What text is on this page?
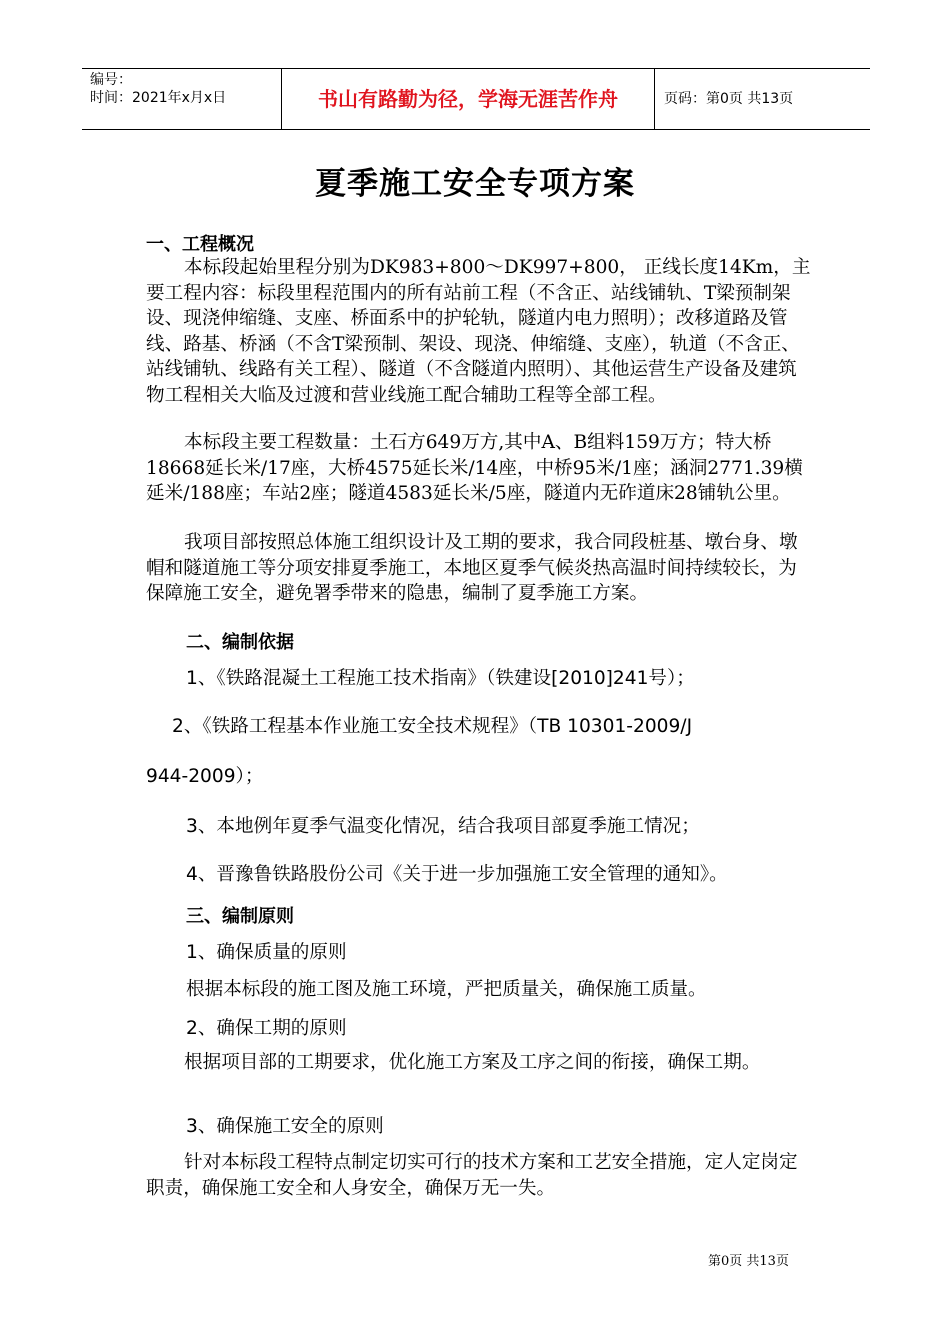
编号：
时间：2021年x月x日	书山有路勤为径，学海无涯苦作舟	页码：第0页 共13页
夏季施工安全专项方案
一、工程概况
本标段起始里程分别为DK983+800～DK997+800， 正线长度14Km，主要工程内容：标段里程范围内的所有站前工程（不含正、站线铺轨、T梁预制架设、现浇伸缩缝、支座、桥面系中的护轮轨，隧道内电力照明）；改移道路及管线、路基、桥涵（不含T梁预制、架设、现浇、伸缩缝、支座），轨道（不含正、站线铺轨、线路有关工程）、隧道（不含隧道内照明）、其他运营生产设备及建筑物工程相关大临及过渡和营业线施工配合辅助工程等全部工程。
本标段主要工程数量：土石方649万方,其中A、B组料159万方；特大桥18668延长米/17座，大桥4575延长米/14座，中桥95米/1座；涵洞2771.39横延米/188座；车站2座；隧道4583延长米/5座，隧道内无砟道床28铺轨公里。
我项目部按照总体施工组织设计及工期的要求，我合同段桩基、墩台身、墩帽和隧道施工等分项安排夏季施工，本地区夏季气候炎热高温时间持续较长，为保障施工安全，避免署季带来的隐患，编制了夏季施工方案。
二、编制依据
1、《铁路混凝土工程施工技术指南》（铁建设[2010]241号）；
2、《铁路工程基本作业施工安全技术规程》（TB 10301-2009/J
944-2009）；
3、本地例年夏季气温变化情况，结合我项目部夏季施工情况；
4、晋豫鲁铁路股份公司《关于进一步加强施工安全管理的通知》。
三、编制原则
1、确保质量的原则
根据本标段的施工图及施工环境，严把质量关，确保施工质量。
2、确保工期的原则
根据项目部的工期要求，优化施工方案及工序之间的衔接，确保工期。
3、确保施工安全的原则
针对本标段工程特点制定切实可行的技术方案和工艺安全措施，定人定岗定职责，确保施工安全和人身安全，确保万无一失。
第0页 共13页
